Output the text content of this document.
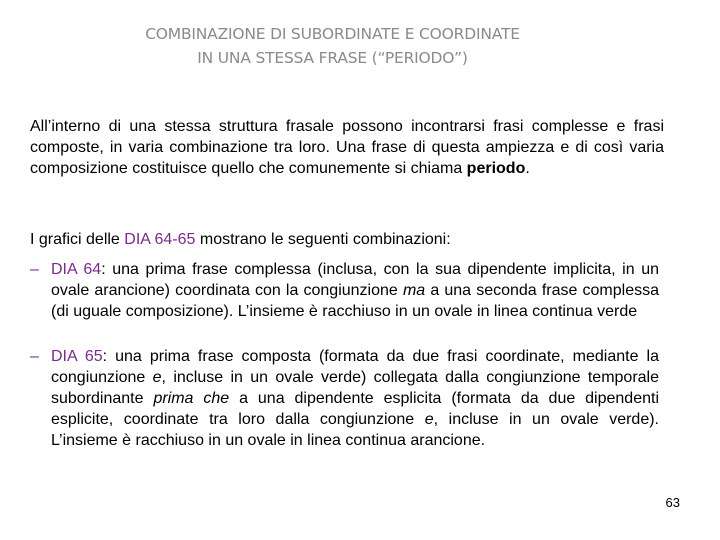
COMBINAZIONE DI SUBORDINATE E COORDINATE
IN UNA STESSA FRASE (“PERIODO”)
All’interno di una stessa struttura frasale possono incontrarsi frasi complesse e frasi composte, in varia combinazione tra loro. Una frase di questa ampiezza e di così varia composizione costituisce quello che comunemente si chiama periodo.
I grafici delle DIA 64-65 mostrano le seguenti combinazioni:
– DIA 64: una prima frase complessa (inclusa, con la sua dipendente implicita, in un ovale arancione) coordinata con la congiunzione ma a una seconda frase complessa (di uguale composizione). L’insieme è racchiuso in un ovale in linea continua verde
– DIA 65: una prima frase composta (formata da due frasi coordinate, mediante la congiunzione e, incluse in un ovale verde) collegata dalla congiunzione temporale subordinante prima che a una dipendente esplicita (formata da due dipendenti esplicite, coordinate tra loro dalla congiunzione e, incluse in un ovale verde). L’insieme è racchiuso in un ovale in linea continua arancione.
63
